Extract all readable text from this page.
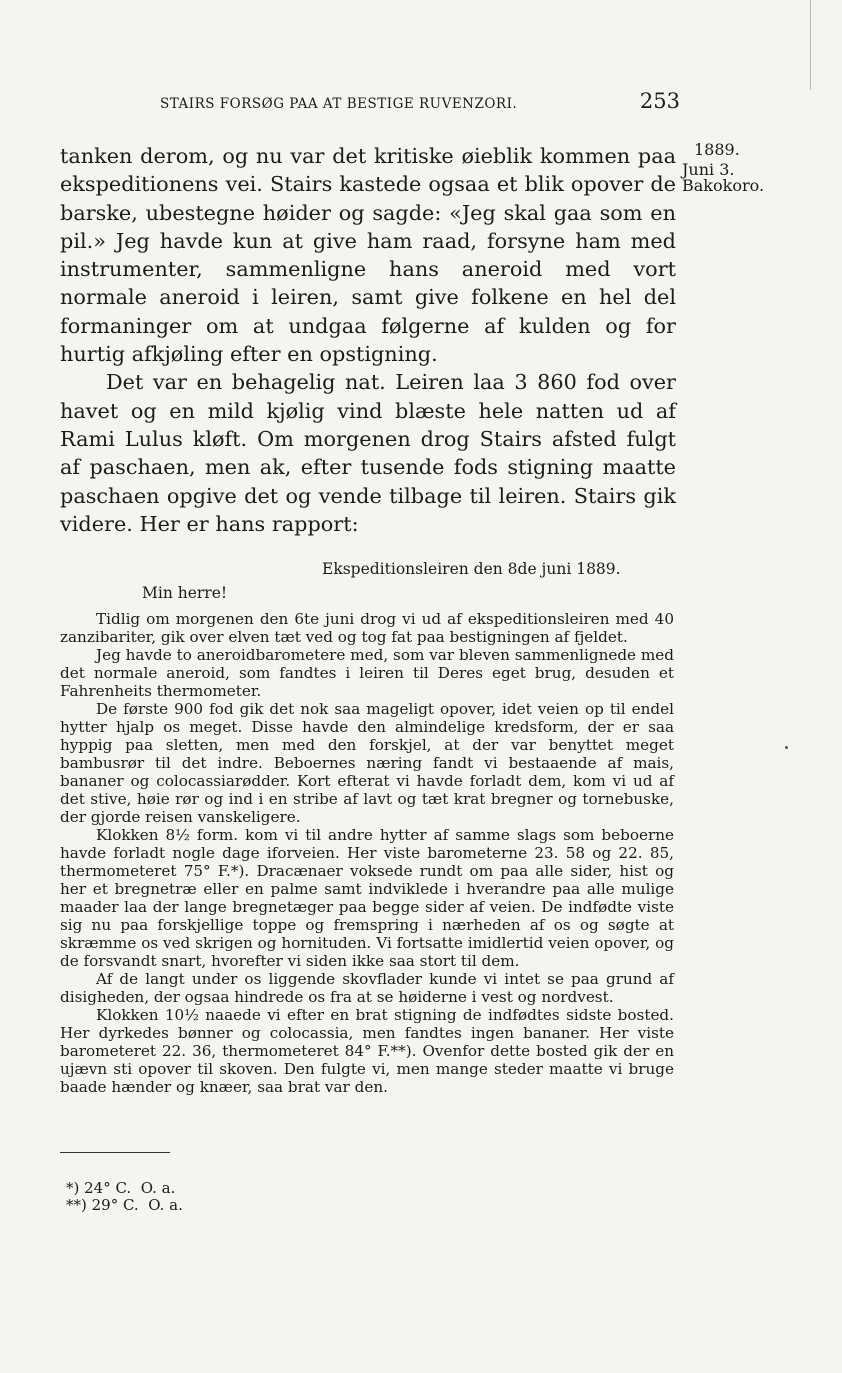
STAIRS FORSØG PAA AT BESTIGE RUVENZORI.	253
1889.
Juni 3.
Bakokoro.

tanken derom, og nu var det kritiske øieblik kommen paa ekspeditionens vei. Stairs kastede ogsaa et blik opover de barske, ubestegne høider og sagde: «Jeg skal gaa som en pil.» Jeg havde kun at give ham raad, forsyne ham med instrumenter, sammenligne hans aneroid med vort normale aneroid i leiren, samt give folkene en hel del formaninger om at undgaa følgerne af kulden og for hurtig afkjøling efter en opstigning.

Det var en behagelig nat. Leiren laa 3 860 fod over havet og en mild kjølig vind blæste hele natten ud af Rami Lulus kløft. Om morgenen drog Stairs afsted fulgt af paschaen, men ak, efter tusende fods stigning maatte paschaen opgive det og vende tilbage til leiren. Stairs gik videre. Her er hans rapport:

Ekspeditionsleiren den 8de juni 1889.
Min herre!

Tidlig om morgenen den 6te juni drog vi ud af ekspeditionsleiren med 40 zanzibariter, gik over elven tæt ved og tog fat paa bestigningen af fjeldet.

Jeg havde to aneroidbarometere med, som var bleven sammenlignede med det normale aneroid, som fandtes i leiren til Deres eget brug, desuden et Fahrenheits thermometer.

De første 900 fod gik det nok saa mageligt opover, idet veien op til endel hytter hjalp os meget. Disse havde den almindelige kredsform, der er saa hyppig paa sletten, men med den forskjel, at der var benyttet meget bambusrør til det indre. Beboernes næring fandt vi bestaaende af mais, bananer og colocassiarødder. Kort efterat vi havde forladt dem, kom vi ud af det stive, høie rør og ind i en stribe af lavt og tæt krat bregner og tornebuske, der gjorde reisen vanskeligere.

Klokken 8½ form. kom vi til andre hytter af samme slags som beboerne havde forladt nogle dage iforveien. Her viste barometerne 23. 58 og 22. 85, thermometeret 75° F.*). Dracænaer voksede rundt om paa alle sider, hist og her et bregnetræ eller en palme samt indviklede i hverandre paa alle mulige maader laa der lange bregnetæger paa begge sider af veien. De indfødte viste sig nu paa forskjellige toppe og fremspring i nærheden af os og søgte at skræmme os ved skrigen og hornituden. Vi fortsatte imidlertid veien opover, og de forsvandt snart, hvorefter vi siden ikke saa stort til dem.

Af de langt under os liggende skovflader kunde vi intet se paa grund af disigheden, der ogsaa hindrede os fra at se høiderne i vest og nordvest.

Klokken 10½ naaede vi efter en brat stigning de indfødtes sidste bosted. Her dyrkedes bønner og colocassia, men fandtes ingen bananer. Her viste barometeret 22. 36, thermometeret 84° F.**). Ovenfor dette bosted gik der en ujævn sti opover til skoven. Den fulgte vi, men mange steder maatte vi bruge baade hænder og knæer, saa brat var den.

*) 24° C.  O. a.
**) 29° C.  O. a.
